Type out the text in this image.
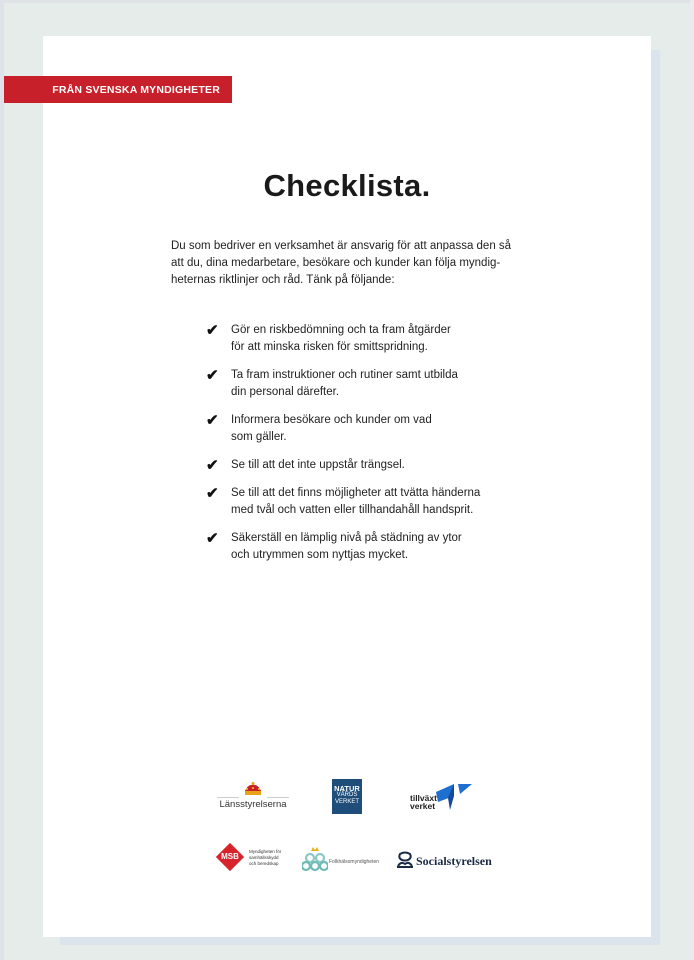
FRÅN SVENSKA MYNDIGHETER
Checklista.
Du som bedriver en verksamhet är ansvarig för att anpassa den så
att du, dina medarbetare, besökare och kunder kan följa myndig-
heternas riktlinjer och råd. Tänk på följande:
✔ Gör en riskbedömning och ta fram åtgärder
för att minska risken för smittspridning.
✔ Ta fram instruktioner och rutiner samt utbilda
din personal därefter.
✔ Informera besökare och kunder om vad
som gäller.
✔ Se till att det inte uppstår trängsel.
✔ Se till att det finns möjligheter att tvätta händerna
med tvål och vatten eller tillhandahåll handsprit.
✔ Säkerställ en lämplig nivå på städning av ytor
och utrymmen som nyttjas mycket.
Länsstyrelserna
NATUR
VÅRDS
VERKET	tillväxt
verket
MSB
Myndigheten för
samhällsskydd
och beredskap	Folkhälsomyndigheten	Socialstyrelsen
